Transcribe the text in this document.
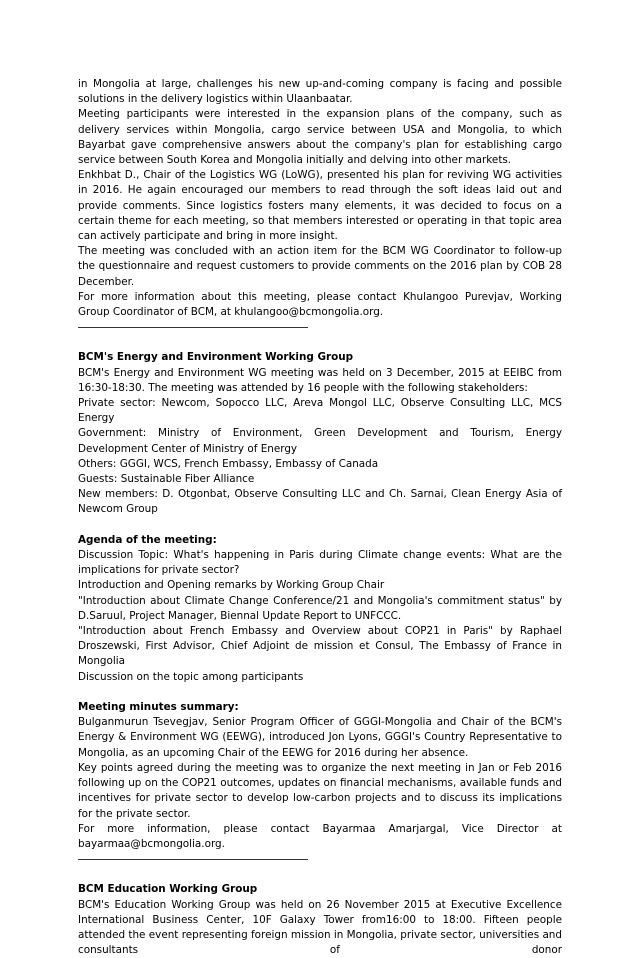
in Mongolia at large, challenges his new up-and-coming company is facing and possible solutions in the delivery logistics within Ulaanbaatar.

Meeting participants were interested in the expansion plans of the company, such as delivery services within Mongolia, cargo service between USA and Mongolia, to which Bayarbat gave comprehensive answers about the company's plan for establishing cargo service between South Korea and Mongolia initially and delving into other markets.

Enkhbat D., Chair of the Logistics WG (LoWG), presented his plan for reviving WG activities in 2016. He again encouraged our members to read through the soft ideas laid out and provide comments. Since logistics fosters many elements, it was decided to focus on a certain theme for each meeting, so that members interested or operating in that topic area can actively participate and bring in more insight.

The meeting was concluded with an action item for the BCM WG Coordinator to follow-up the questionnaire and request customers to provide comments on the 2016 plan by COB 28 December.

For more information about this meeting, please contact Khulangoo Purevjav, Working Group Coordinator of BCM, at khulangoo@bcmongolia.org.

BCM's Energy and Environment Working Group

BCM's Energy and Environment WG meeting was held on 3 December, 2015 at EEIBC from 16:30-18:30. The meeting was attended by 16 people with the following stakeholders:

Private sector: Newcom, Sopocco LLC, Areva Mongol LLC, Observe Consulting LLC, MCS Energy

Government: Ministry of Environment, Green Development and Tourism, Energy Development Center of Ministry of Energy

Others: GGGI, WCS, French Embassy, Embassy of Canada

Guests: Sustainable Fiber Alliance

New members: D. Otgonbat, Observe Consulting LLC and Ch. Sarnai, Clean Energy Asia of Newcom Group

Agenda of the meeting:

Discussion Topic: What's happening in Paris during Climate change events: What are the implications for private sector?

Introduction and Opening remarks by Working Group Chair

"Introduction about Climate Change Conference/21 and Mongolia's commitment status" by D.Saruul, Project Manager, Biennal Update Report to UNFCCC.

"Introduction about French Embassy and Overview about COP21 in Paris" by Raphael Droszewski, First Advisor, Chief Adjoint de mission et Consul, The Embassy of France in Mongolia

Discussion on the topic among participants

Meeting minutes summary:

Bulganmurun Tsevegjav, Senior Program Officer of GGGI-Mongolia and Chair of the BCM's Energy & Environment WG (EEWG), introduced Jon Lyons, GGGI's Country Representative to Mongolia, as an upcoming Chair of the EEWG for 2016 during her absence.

Key points agreed during the meeting was to organize the next meeting in Jan or Feb 2016 following up on the COP21 outcomes, updates on financial mechanisms, available funds and incentives for private sector to develop low-carbon projects and to discuss its implications for the private sector.

For more information, please contact Bayarmaa Amarjargal, Vice Director at bayarmaa@bcmongolia.org.

BCM Education Working Group

BCM's Education Working Group was held on 26 November 2015 at Executive Excellence International Business Center, 10F Galaxy Tower from16:00 to 18:00. Fifteen people attended the event representing foreign mission in Mongolia, private sector, universities and consultants of donor
